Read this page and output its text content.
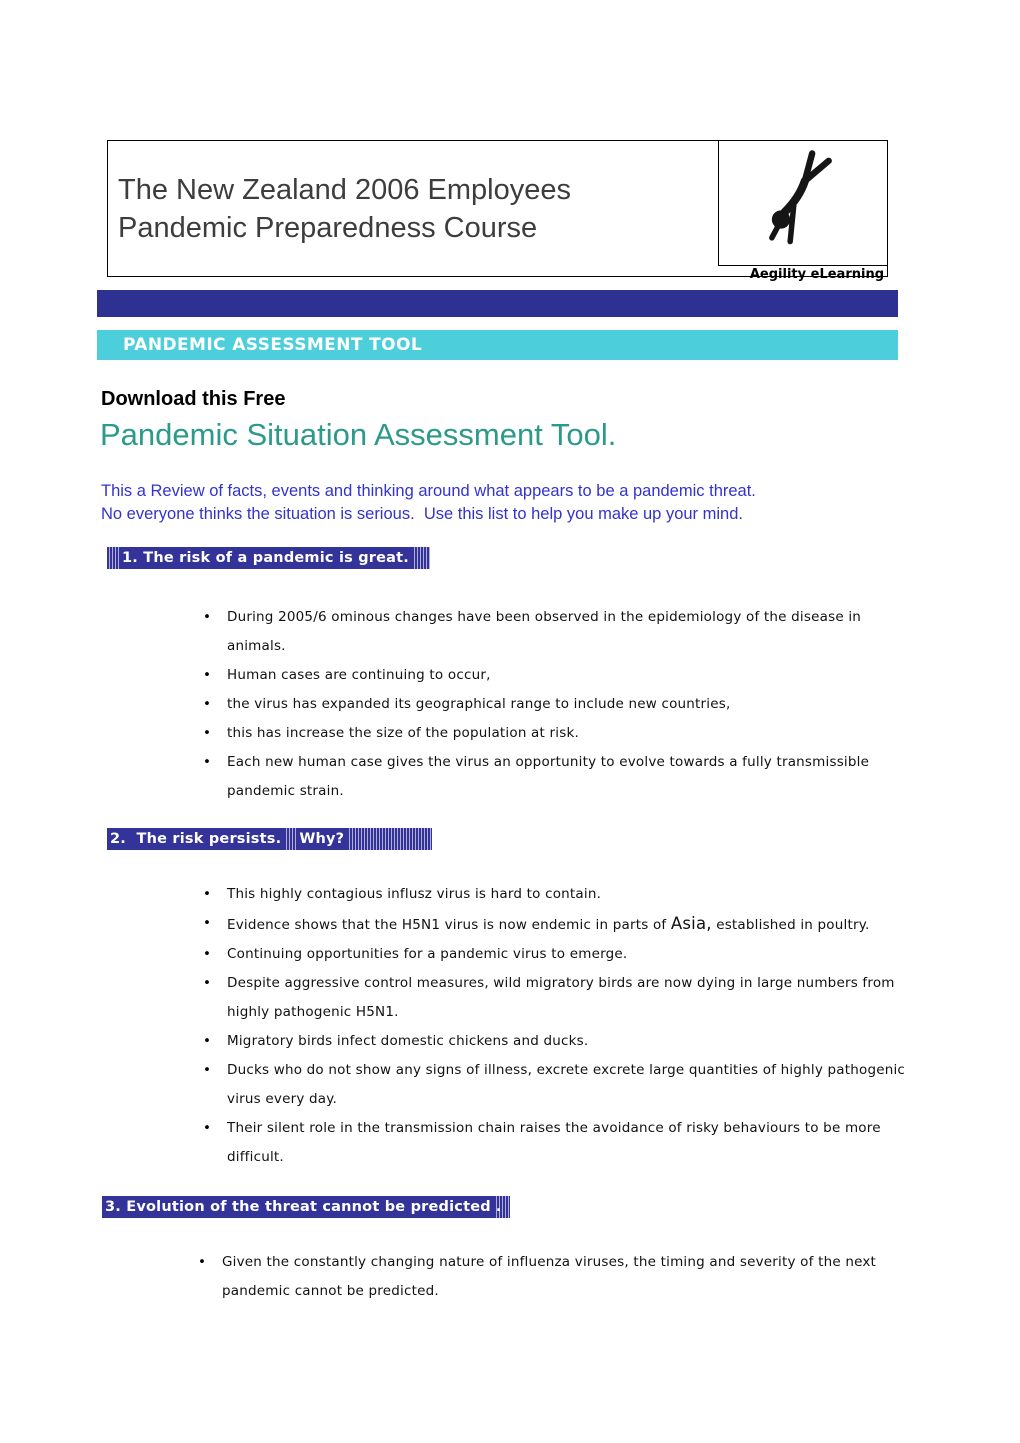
The New Zealand 2006 Employees
Pandemic Preparedness Course
Aegility eLearning
PANDEMIC ASSESSMENT TOOL
Download this Free
Pandemic Situation Assessment Tool.
This a Review of facts, events and thinking around what appears to be a pandemic threat.
No everyone thinks the situation is serious.  Use this list to help you make up your mind.
1. The risk of a pandemic is great.
• During 2005/6 ominous changes have been observed in the epidemiology of the disease in animals.
• Human cases are continuing to occur,
• the virus has expanded its geographical range to include new countries,
• this has increase the size of the population at risk.
• Each new human case gives the virus an opportunity to evolve towards a fully transmissible pandemic strain.
2.  The risk persists. Why?
• This highly contagious influsz virus is hard to contain.
• Evidence shows that the H5N1 virus is now endemic in parts of Asia, established in poultry.
• Continuing opportunities for a pandemic virus to emerge.
• Despite aggressive control measures, wild migratory birds are now dying in large numbers from highly pathogenic H5N1.
• Migratory birds infect domestic chickens and ducks.
• Ducks who do not show any signs of illness, excrete excrete large quantities of highly pathogenic virus every day.
• Their silent role in the transmission chain raises the avoidance of risky behaviours to be more difficult.
3. Evolution of the threat cannot be predicted .
• Given the constantly changing nature of influenza viruses, the timing and severity of the next pandemic cannot be predicted.
